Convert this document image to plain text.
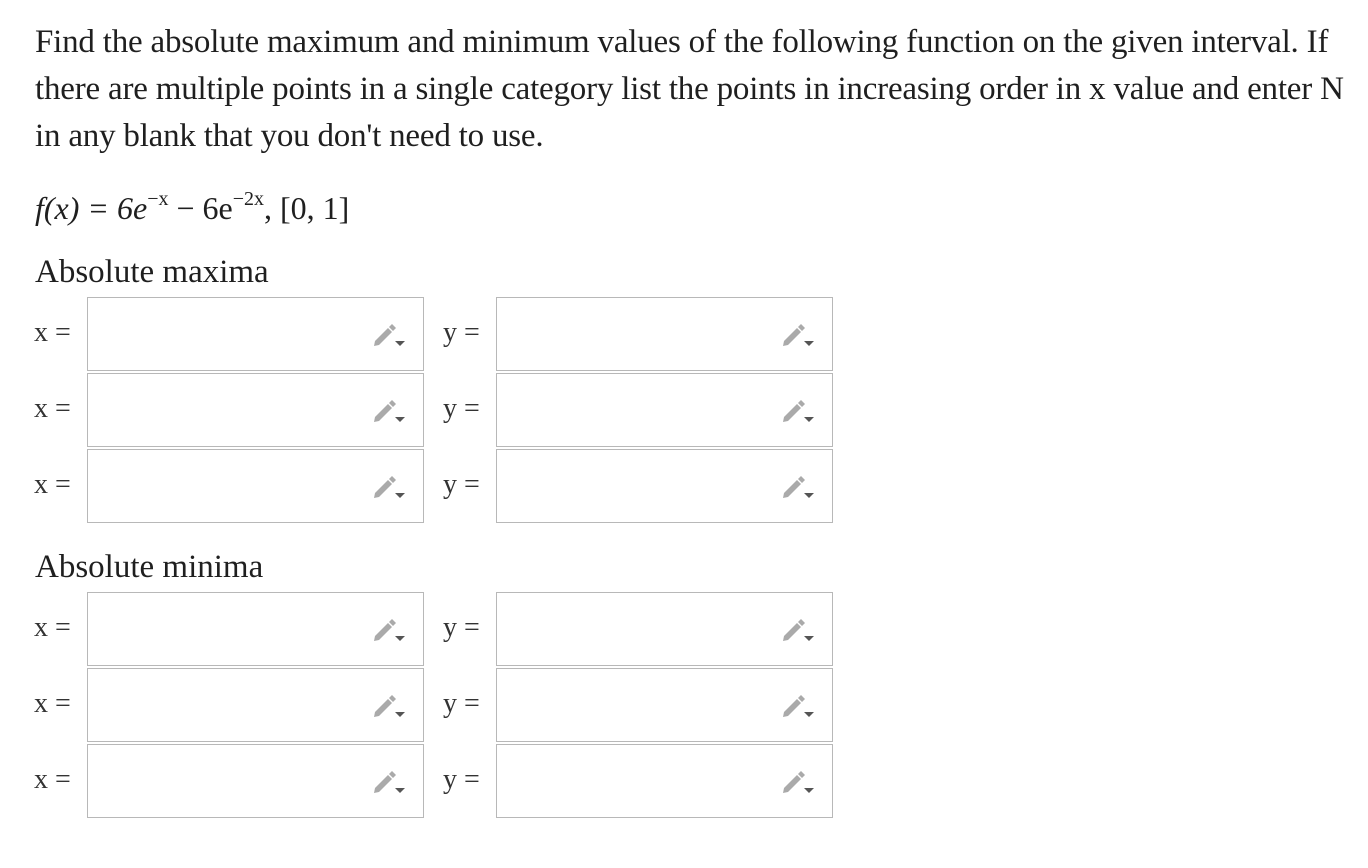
Find the absolute maximum and minimum values of the following function on the given interval. If there are multiple points in a single category list the points in increasing order in x value and enter N in any blank that you don't need to use.
$f(x) = 6e^{-x} - 6e^{-2x}$, [0, 1]
Absolute maxima
x =	y =
x =	y =
x =	y =
Absolute minima
x =	y =
x =	y =
x =	y =
